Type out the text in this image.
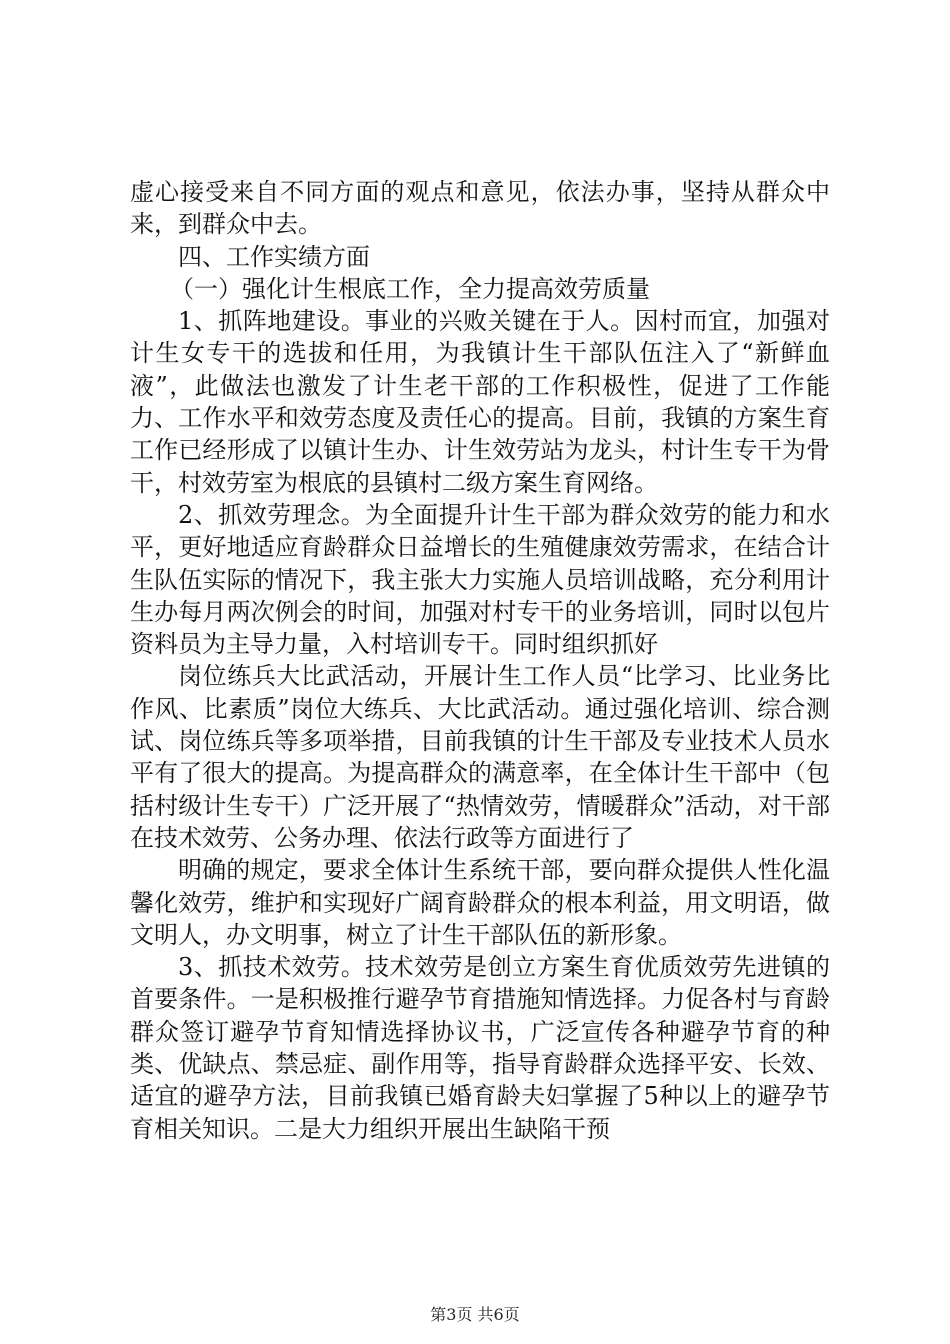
虚心接受来自不同方面的观点和意见，依法办事，坚持从群众中来，到群众中去。

四、工作实绩方面

（一）强化计生根底工作，全力提高效劳质量

1、抓阵地建设。事业的兴败关键在于人。因村而宜，加强对计生女专干的选拔和任用，为我镇计生干部队伍注入了“新鲜血液”，此做法也激发了计生老干部的工作积极性，促进了工作能力、工作水平和效劳态度及责任心的提高。目前，我镇的方案生育工作已经形成了以镇计生办、计生效劳站为龙头，村计生专干为骨干，村效劳室为根底的县镇村二级方案生育网络。

2、抓效劳理念。为全面提升计生干部为群众效劳的能力和水平，更好地适应育龄群众日益增长的生殖健康效劳需求，在结合计生队伍实际的情况下，我主张大力实施人员培训战略，充分利用计生办每月两次例会的时间，加强对村专干的业务培训，同时以包片资料员为主导力量，入村培训专干。同时组织抓好

岗位练兵大比武活动，开展计生工作人员“比学习、比业务比作风、比素质”岗位大练兵、大比武活动。通过强化培训、综合测试、岗位练兵等多项举措，目前我镇的计生干部及专业技术人员水平有了很大的提高。为提高群众的满意率，在全体计生干部中（包括村级计生专干）广泛开展了“热情效劳，情暖群众”活动，对干部在技术效劳、公务办理、依法行政等方面进行了

明确的规定，要求全体计生系统干部，要向群众提供人性化温馨化效劳，维护和实现好广阔育龄群众的根本利益，用文明语，做文明人，办文明事，树立了计生干部队伍的新形象。

3、抓技术效劳。技术效劳是创立方案生育优质效劳先进镇的首要条件。一是积极推行避孕节育措施知情选择。力促各村与育龄群众签订避孕节育知情选择协议书，广泛宣传各种避孕节育的种类、优缺点、禁忌症、副作用等，指导育龄群众选择平安、长效、适宜的避孕方法，目前我镇已婚育龄夫妇掌握了5种以上的避孕节育相关知识。二是大力组织开展出生缺陷干预

第3页 共6页
